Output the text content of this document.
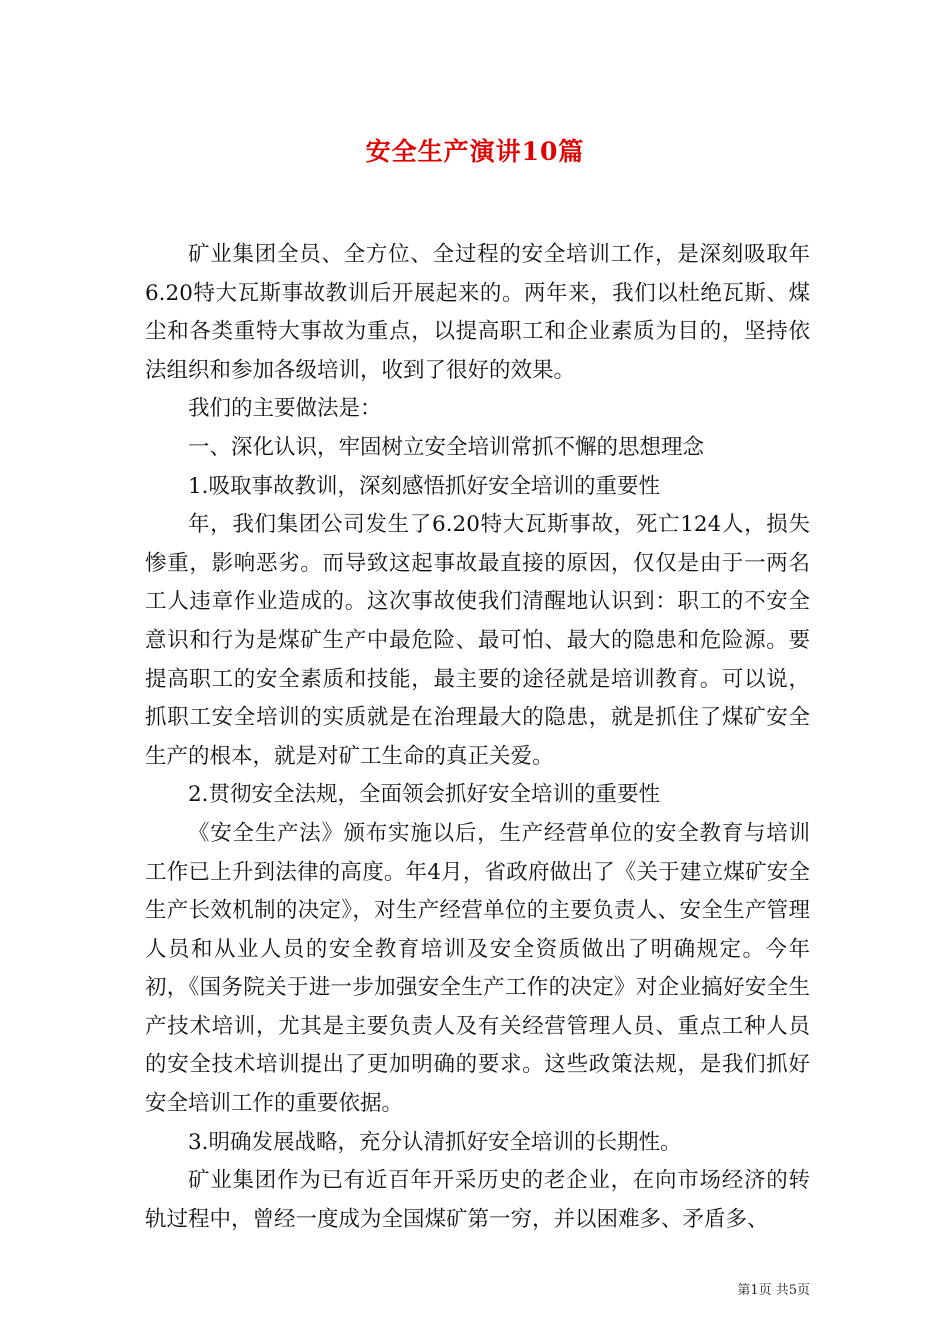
安全生产演讲10篇

矿业集团全员、全方位、全过程的安全培训工作，是深刻吸取年6.20特大瓦斯事故教训后开展起来的。两年来，我们以杜绝瓦斯、煤尘和各类重特大事故为重点，以提高职工和企业素质为目的，坚持依法组织和参加各级培训，收到了很好的效果。

我们的主要做法是：

一、深化认识，牢固树立安全培训常抓不懈的思想理念

1.吸取事故教训，深刻感悟抓好安全培训的重要性

年，我们集团公司发生了6.20特大瓦斯事故，死亡124人，损失惨重，影响恶劣。而导致这起事故最直接的原因，仅仅是由于一两名工人违章作业造成的。这次事故使我们清醒地认识到：职工的不安全意识和行为是煤矿生产中最危险、最可怕、最大的隐患和危险源。要提高职工的安全素质和技能，最主要的途径就是培训教育。可以说，抓职工安全培训的实质就是在治理最大的隐患，就是抓住了煤矿安全生产的根本，就是对矿工生命的真正关爱。

2.贯彻安全法规，全面领会抓好安全培训的重要性

《安全生产法》颁布实施以后，生产经营单位的安全教育与培训工作已上升到法律的高度。年4月，省政府做出了《关于建立煤矿安全生产长效机制的决定》，对生产经营单位的主要负责人、安全生产管理人员和从业人员的安全教育培训及安全资质做出了明确规定。今年初，《国务院关于进一步加强安全生产工作的决定》对企业搞好安全生产技术培训，尤其是主要负责人及有关经营管理人员、重点工种人员的安全技术培训提出了更加明确的要求。这些政策法规，是我们抓好安全培训工作的重要依据。

3.明确发展战略，充分认清抓好安全培训的长期性。

矿业集团作为已有近百年开采历史的老企业，在向市场经济的转轨过程中，曾经一度成为全国煤矿第一穷，并以困难多、矛盾多、

第1页 共5页
